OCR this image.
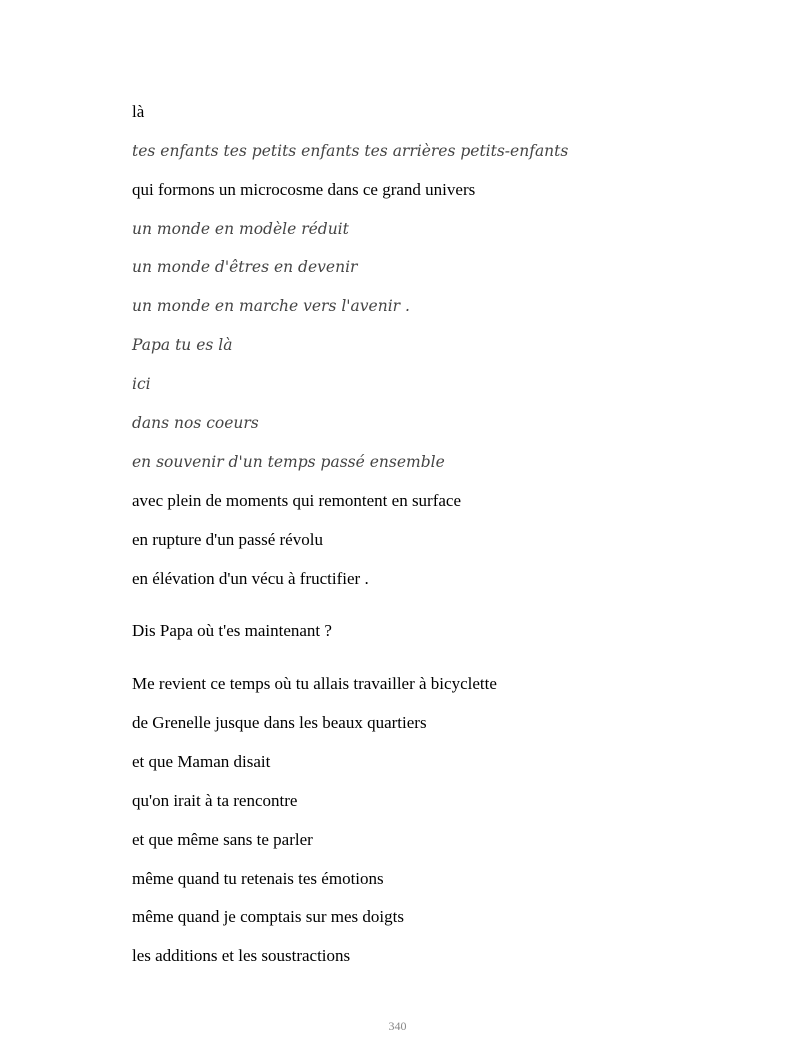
là

tes enfants tes petits enfants tes arrières petits-enfants

qui formons un microcosme dans ce grand univers

un monde en modèle réduit

un monde d'êtres en devenir

un monde en marche vers l'avenir .

Papa tu es là

ici

dans nos coeurs

en souvenir d'un temps passé ensemble

avec plein de moments qui remontent en surface

en rupture d'un passé révolu

en élévation d'un vécu à fructifier .

Dis Papa où t'es maintenant ?

Me revient ce temps où tu allais travailler à bicyclette

de Grenelle jusque dans les beaux quartiers

et que Maman disait

qu'on irait à ta rencontre

et que même sans te parler

même quand tu retenais tes émotions

même quand je comptais sur mes doigts

les additions et les soustractions

340
